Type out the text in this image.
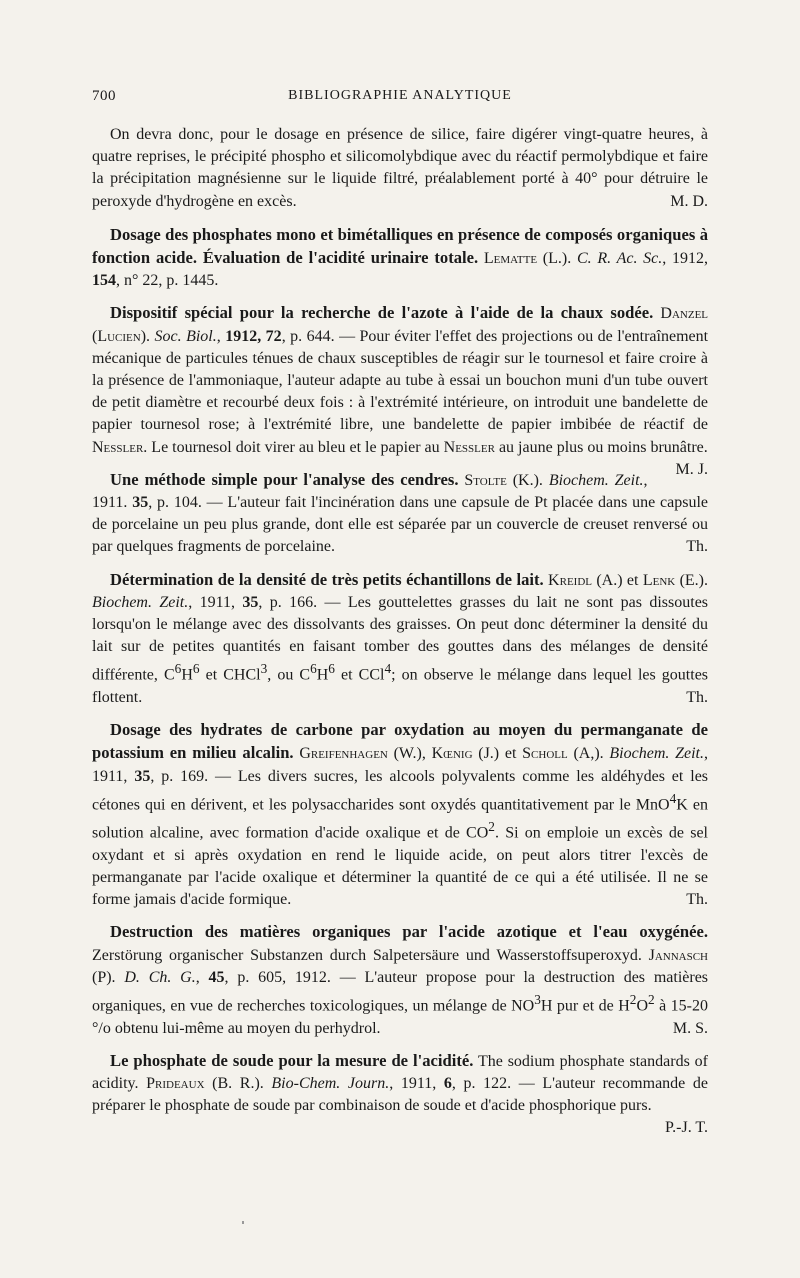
700	BIBLIOGRAPHIE ANALYTIQUE

On devra donc, pour le dosage en présence de silice, faire digérer vingt-quatre heures, à quatre reprises, le précipité phospho et silicomolybdique avec du réactif permolybdique et faire la précipitation magnésienne sur le liquide filtré, préalablement porté à 40° pour détruire le peroxyde d'hydrogène en excès.	M. D.

Dosage des phosphates mono et bimétalliques en présence de composés organiques à fonction acide. Évaluation de l'acidité urinaire totale. Lematte (L.). C. R. Ac. Sc., 1912, 154, n° 22, p. 1445.

Dispositif spécial pour la recherche de l'azote à l'aide de la chaux sodée. Danzel (Lucien). Soc. Biol., 1912, 72, p. 644. — Pour éviter l'effet des projections ou de l'entraînement mécanique de particules ténues de chaux susceptibles de réagir sur le tournesol et faire croire à la présence de l'ammoniaque, l'auteur adapte au tube à essai un bouchon muni d'un tube ouvert de petit diamètre et recourbé deux fois : à l'extrémité intérieure, on introduit une bandelette de papier tournesol rose; à l'extrémité libre, une bandelette de papier imbibée de réactif de Nessler. Le tournesol doit virer au bleu et le papier au Nessler au jaune plus ou moins brunâtre.
M. J.

Une méthode simple pour l'analyse des cendres. Stolte (K.). Biochem. Zeit., 1911. 35, p. 104. — L'auteur fait l'incinération dans une capsule de Pt placée dans une capsule de porcelaine un peu plus grande, dont elle est séparée par un couvercle de creuset renversé ou par quelques fragments de porcelaine.	Th.

Détermination de la densité de très petits échantillons de lait. Kreidl (A.) et Lenk (E.). Biochem. Zeit., 1911, 35, p. 166. — Les gouttelettes grasses du lait ne sont pas dissoutes lorsqu'on le mélange avec des dissolvants des graisses. On peut donc déterminer la densité du lait sur de petites quantités en faisant tomber des gouttes dans des mélanges de densité différente, $C^6H^6$ et CHCl$^3$, ou $C^6H^6$ et CCl$^4$; on observe le mélange dans lequel les gouttes flottent.	Th.

Dosage des hydrates de carbone par oxydation au moyen du permanganate de potassium en milieu alcalin. Greifenhagen (W.), Kœnig (J.) et Scholl (A,). Biochem. Zeit., 1911, 35, p. 169. — Les divers sucres, les alcools polyvalents comme les aldéhydes et les cétones qui en dérivent, et les polysaccharides sont oxydés quantitativement par le MnO$^4$K en solution alcaline, avec formation d'acide oxalique et de $CO^2$. Si on emploie un excès de sel oxydant et si après oxydation en rend le liquide acide, on peut alors titrer l'excès de permanganate par l'acide oxalique et déterminer la quantité de ce qui a été utilisée. Il ne se forme jamais d'acide formique.	Th.

Destruction des matières organiques par l'acide azotique et l'eau oxygénée. Zerstörung organischer Substanzen durch Salpetersäure und Wasserstoffsuperoxyd. Jannasch (P). D. Ch. G., 45, p. 605, 1912. — L'auteur propose pour la destruction des matières organiques, en vue de recherches toxicologiques, un mélange de $NO^3H$ pur et de $H^2O^2$ à 15-20 °/o obtenu lui-même au moyen du perhydrol.	M. S.

Le phosphate de soude pour la mesure de l'acidité. The sodium phosphate standards of acidity. Prideaux (B. R.). Bio-Chem. Journ., 1911, 6, p. 122. — L'auteur recommande de préparer le phosphate de soude par combinaison de soude et d'acide phosphorique purs.
P.-J. T.
